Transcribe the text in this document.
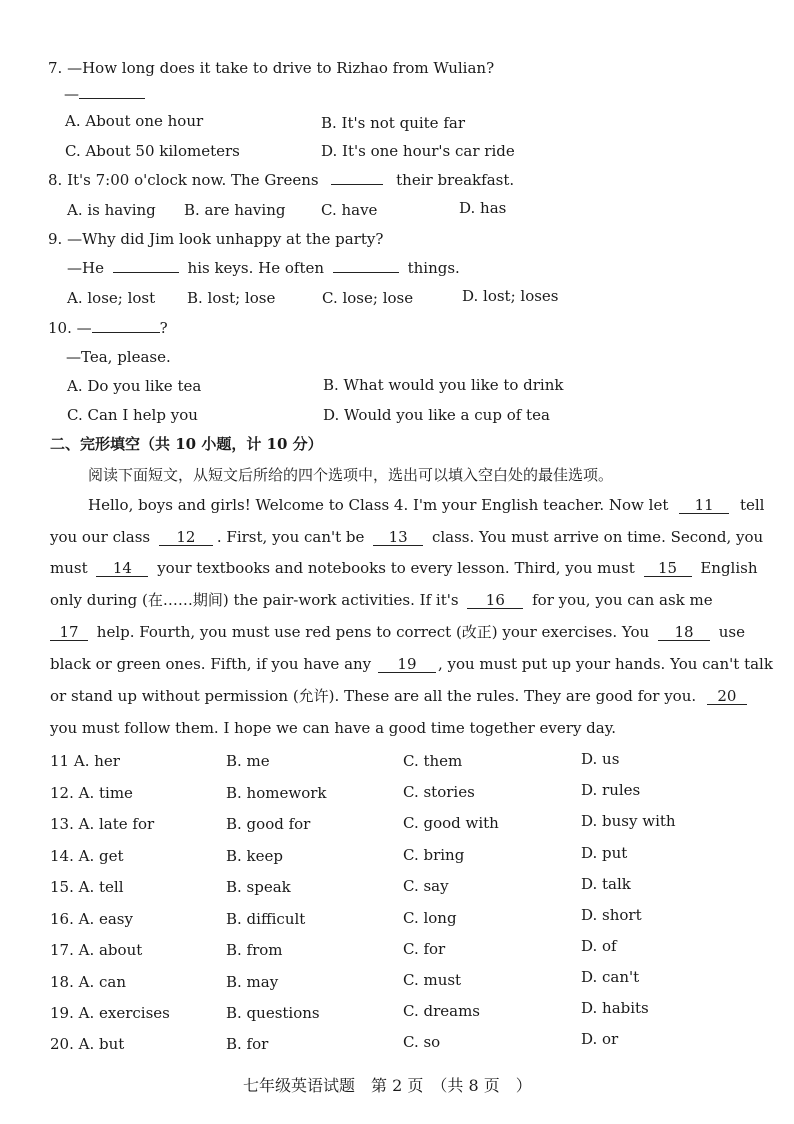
7. —How long does it take to drive to Rizhao from Wulian?
—
A. About one hour	B. It's not quite far
C. About 50 kilometers	D. It's one hour's car ride
8. It's 7:00 o'clock now. The Greens	their breakfast.
A. is having B. are having C. have	D. has
9. —Why did Jim look unhappy at the party?
—He	his keys. He often	things.
A. lose; lost B. lost; lose	C. lose; lose	D. lost; loses
10. —	?
—Tea, please.
A. Do you like tea	B. What would you like to drink
C. Can I help you	D. Would you like a cup of tea
二、完形填空（共 10 小题，计 10 分）
阅读下面短文，从短文后所给的四个选项中，选出可以填入空白处的最佳选项。
Hello, boys and girls! Welcome to Class 4. I'm your English teacher. Now let 11 tell
you our class 12 . First, you can't be 13 class. You must arrive on time. Second, you
must 14 your textbooks and notebooks to every lesson. Third, you must 15 English
only during (在……期间) the pair-work activities. If it's 16 for you, you can ask me
17 help. Fourth, you must use red pens to correct (改正) your exercises. You 18 use
black or green ones. Fifth, if you have any 19 , you must put up your hands. You can't talk
or stand up without permission (允许). These are all the rules. They are good for you. 20
you must follow them. I hope we can have a good time together every day.
11 A. her	B. me	C. them	D. us
12. A. time	B. homework	C. stories	D. rules
13. A. late for	B. good for	C. good with	D. busy with
14. A. get	B. keep	C. bring	D. put
15. A. tell	B. speak	C. say	D. talk
16. A. easy	B. difficult	C. long	D. short
17. A. about	B. from	C. for	D. of
18. A. can	B. may	C. must	D. can't
19. A. exercises	B. questions	C. dreams	D. habits
20. A. but	B. for	C. so	D. or
七年级英语试题　第 2 页　（共 8 页　）
